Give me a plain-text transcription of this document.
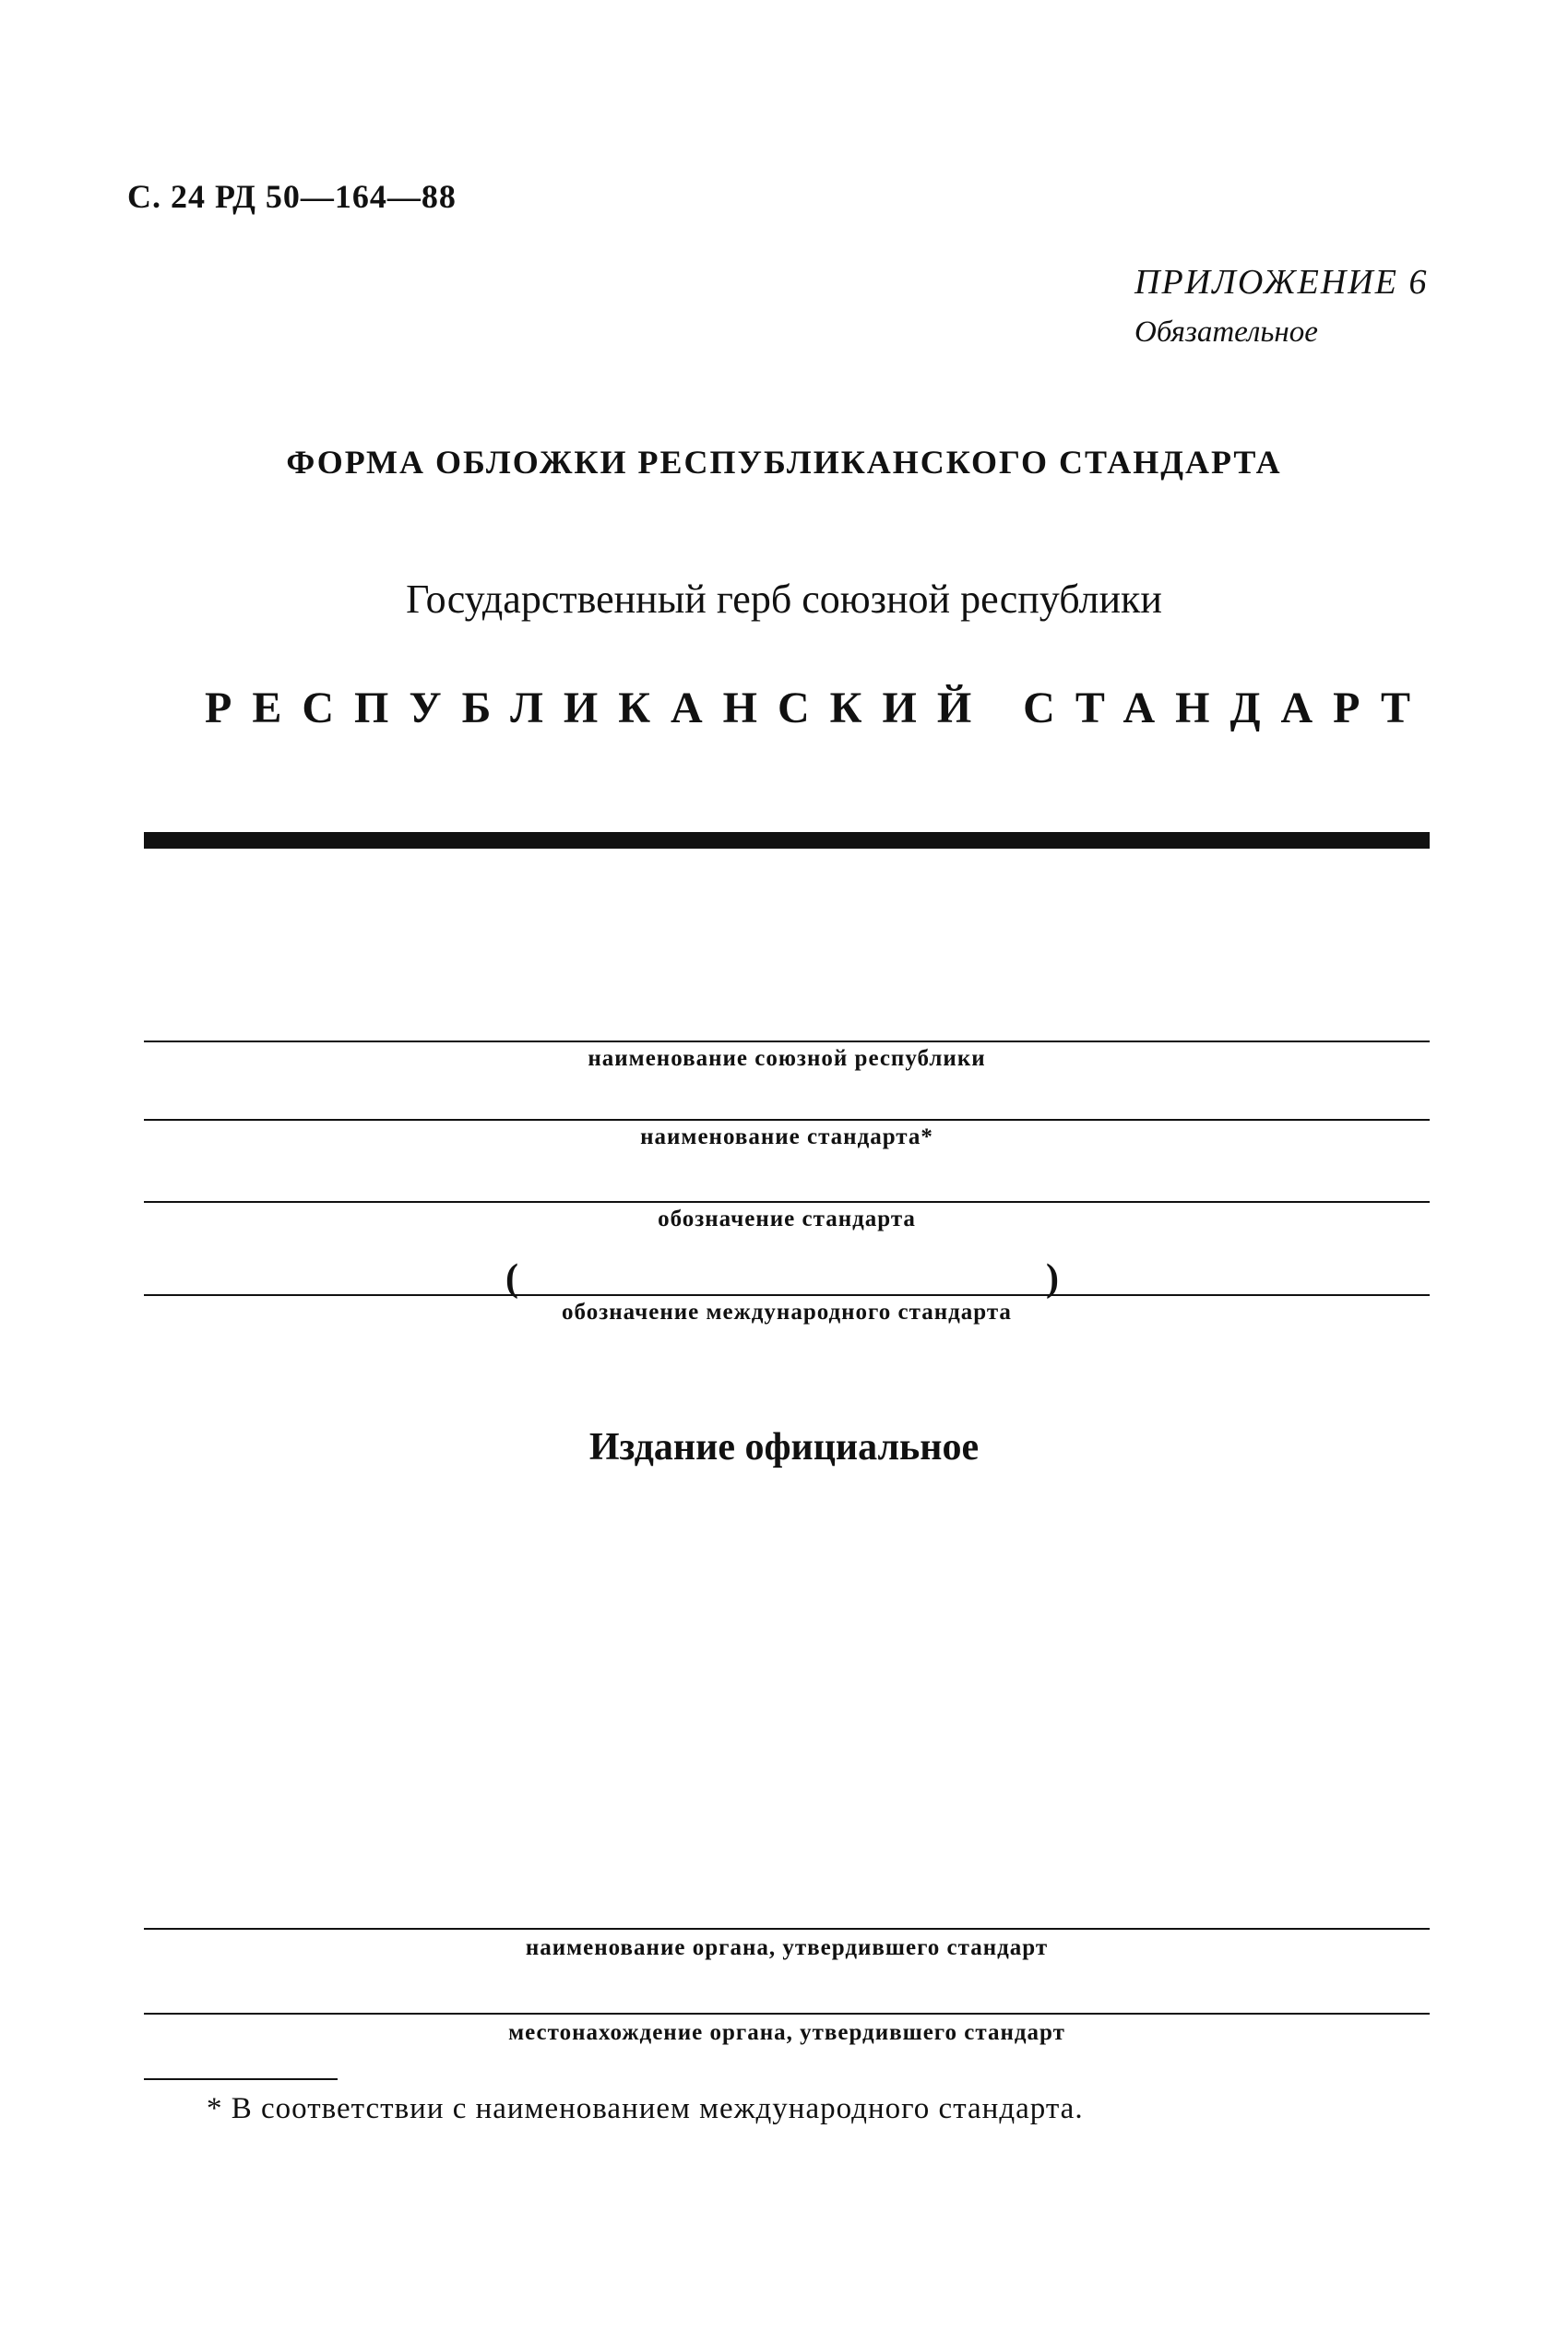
С. 24 РД 50—164—88
ПРИЛОЖЕНИЕ 6
Обязательное
ФОРМА ОБЛОЖКИ РЕСПУБЛИКАНСКОГО СТАНДАРТА
Государственный герб союзной республики
РЕСПУБЛИКАНСКИЙ СТАНДАРТ
наименование союзной республики
наименование стандарта*
обозначение стандарта
(	)
обозначение международного стандарта
Издание официальное
наименование органа, утвердившего стандарт
местонахождение органа, утвердившего стандарт
* В соответствии с наименованием международного стандарта.
